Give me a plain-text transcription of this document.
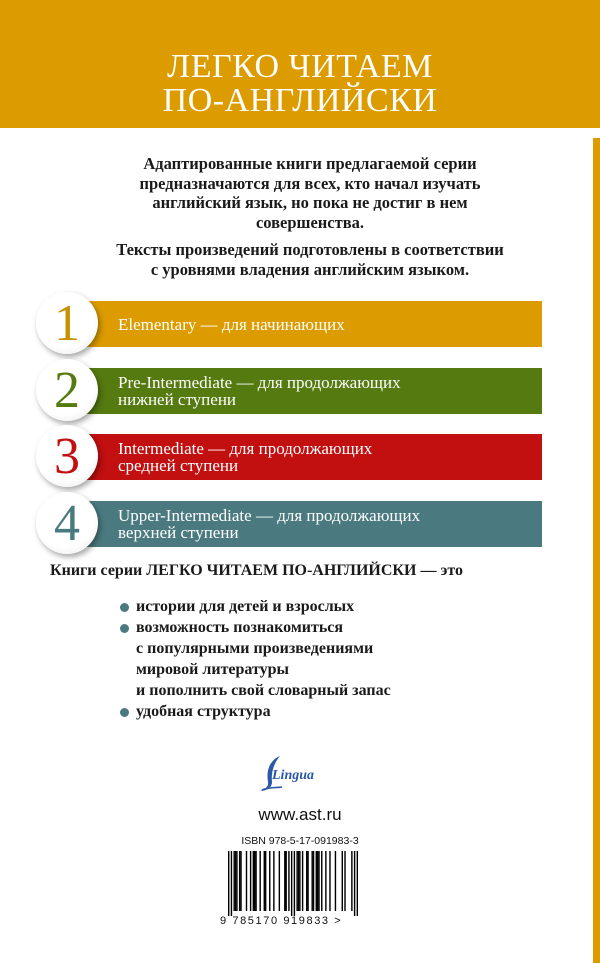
ЛЕГКО ЧИТАЕМ
ПО-АНГЛИЙСКИ

Адаптированные книги предлагаемой серии
предназначаются для всех, кто начал изучать
английский язык, но пока не достиг в нем
совершенства.

Тексты произведений подготовлены в соответствии
с уровнями владения английским языком.

1 Elementary — для начинающих
2 Pre-Intermediate — для продолжающих
нижней ступени
3 Intermediate — для продолжающих
средней ступени
4 Upper-Intermediate — для продолжающих
верхней ступени
Книги серии ЛЕГКО ЧИТАЕМ ПО-АНГЛИЙСКИ — это
истории для детей и взрослых
возможность познакомиться
с популярными произведениями
мировой литературы
и пополнить свой словарный запас
удобная структура
Lingua
www.ast.ru
ISBN 978-5-17-091983-3
9 785170 919833 >
